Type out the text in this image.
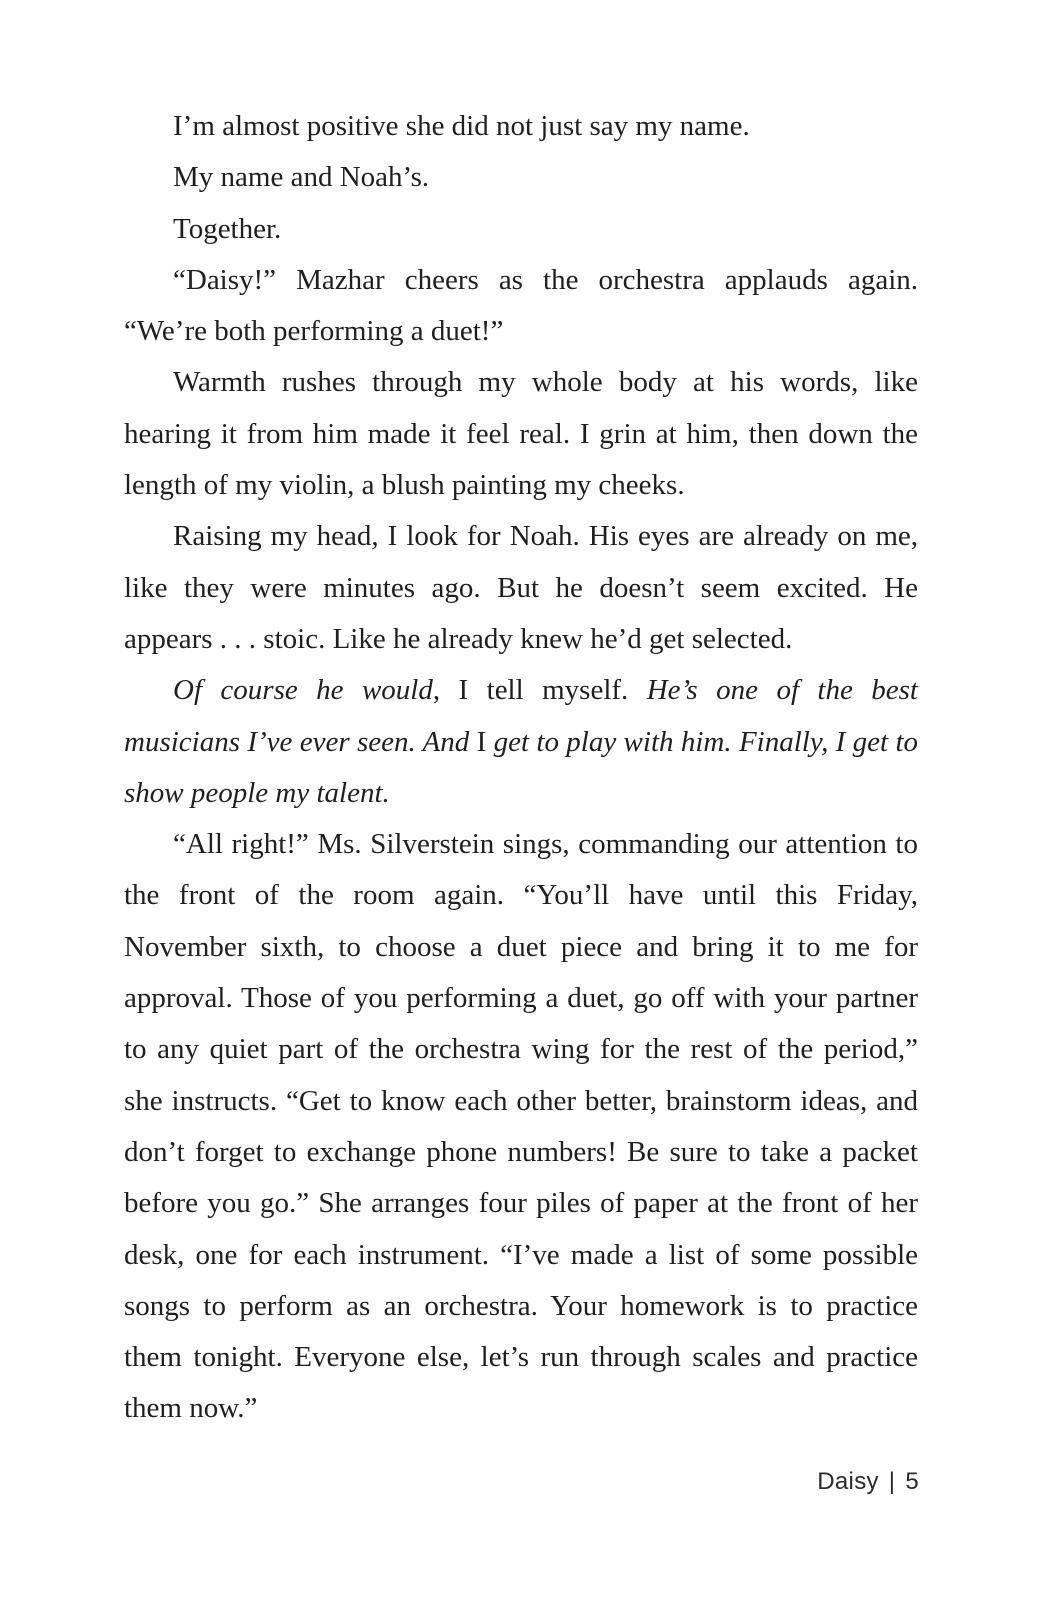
I’m almost positive she did not just say my name.

My name and Noah’s.

Together.

“Daisy!” Mazhar cheers as the orchestra applauds again. “We’re both performing a duet!”

Warmth rushes through my whole body at his words, like hearing it from him made it feel real. I grin at him, then down the length of my violin, a blush painting my cheeks.

Raising my head, I look for Noah. His eyes are already on me, like they were minutes ago. But he doesn’t seem excited. He appears . . . stoic. Like he already knew he’d get selected.

Of course he would, I tell myself. He’s one of the best musicians I’ve ever seen. And I get to play with him. Finally, I get to show people my talent.

“All right!” Ms. Silverstein sings, commanding our attention to the front of the room again. “You’ll have until this Friday, November sixth, to choose a duet piece and bring it to me for approval. Those of you performing a duet, go off with your partner to any quiet part of the orchestra wing for the rest of the period,” she instructs. “Get to know each other better, brainstorm ideas, and don’t forget to exchange phone numbers! Be sure to take a packet before you go.” She arranges four piles of paper at the front of her desk, one for each instrument. “I’ve made a list of some possible songs to perform as an orchestra. Your homework is to practice them tonight. Everyone else, let’s run through scales and practice them now.”

Daisy | 5
